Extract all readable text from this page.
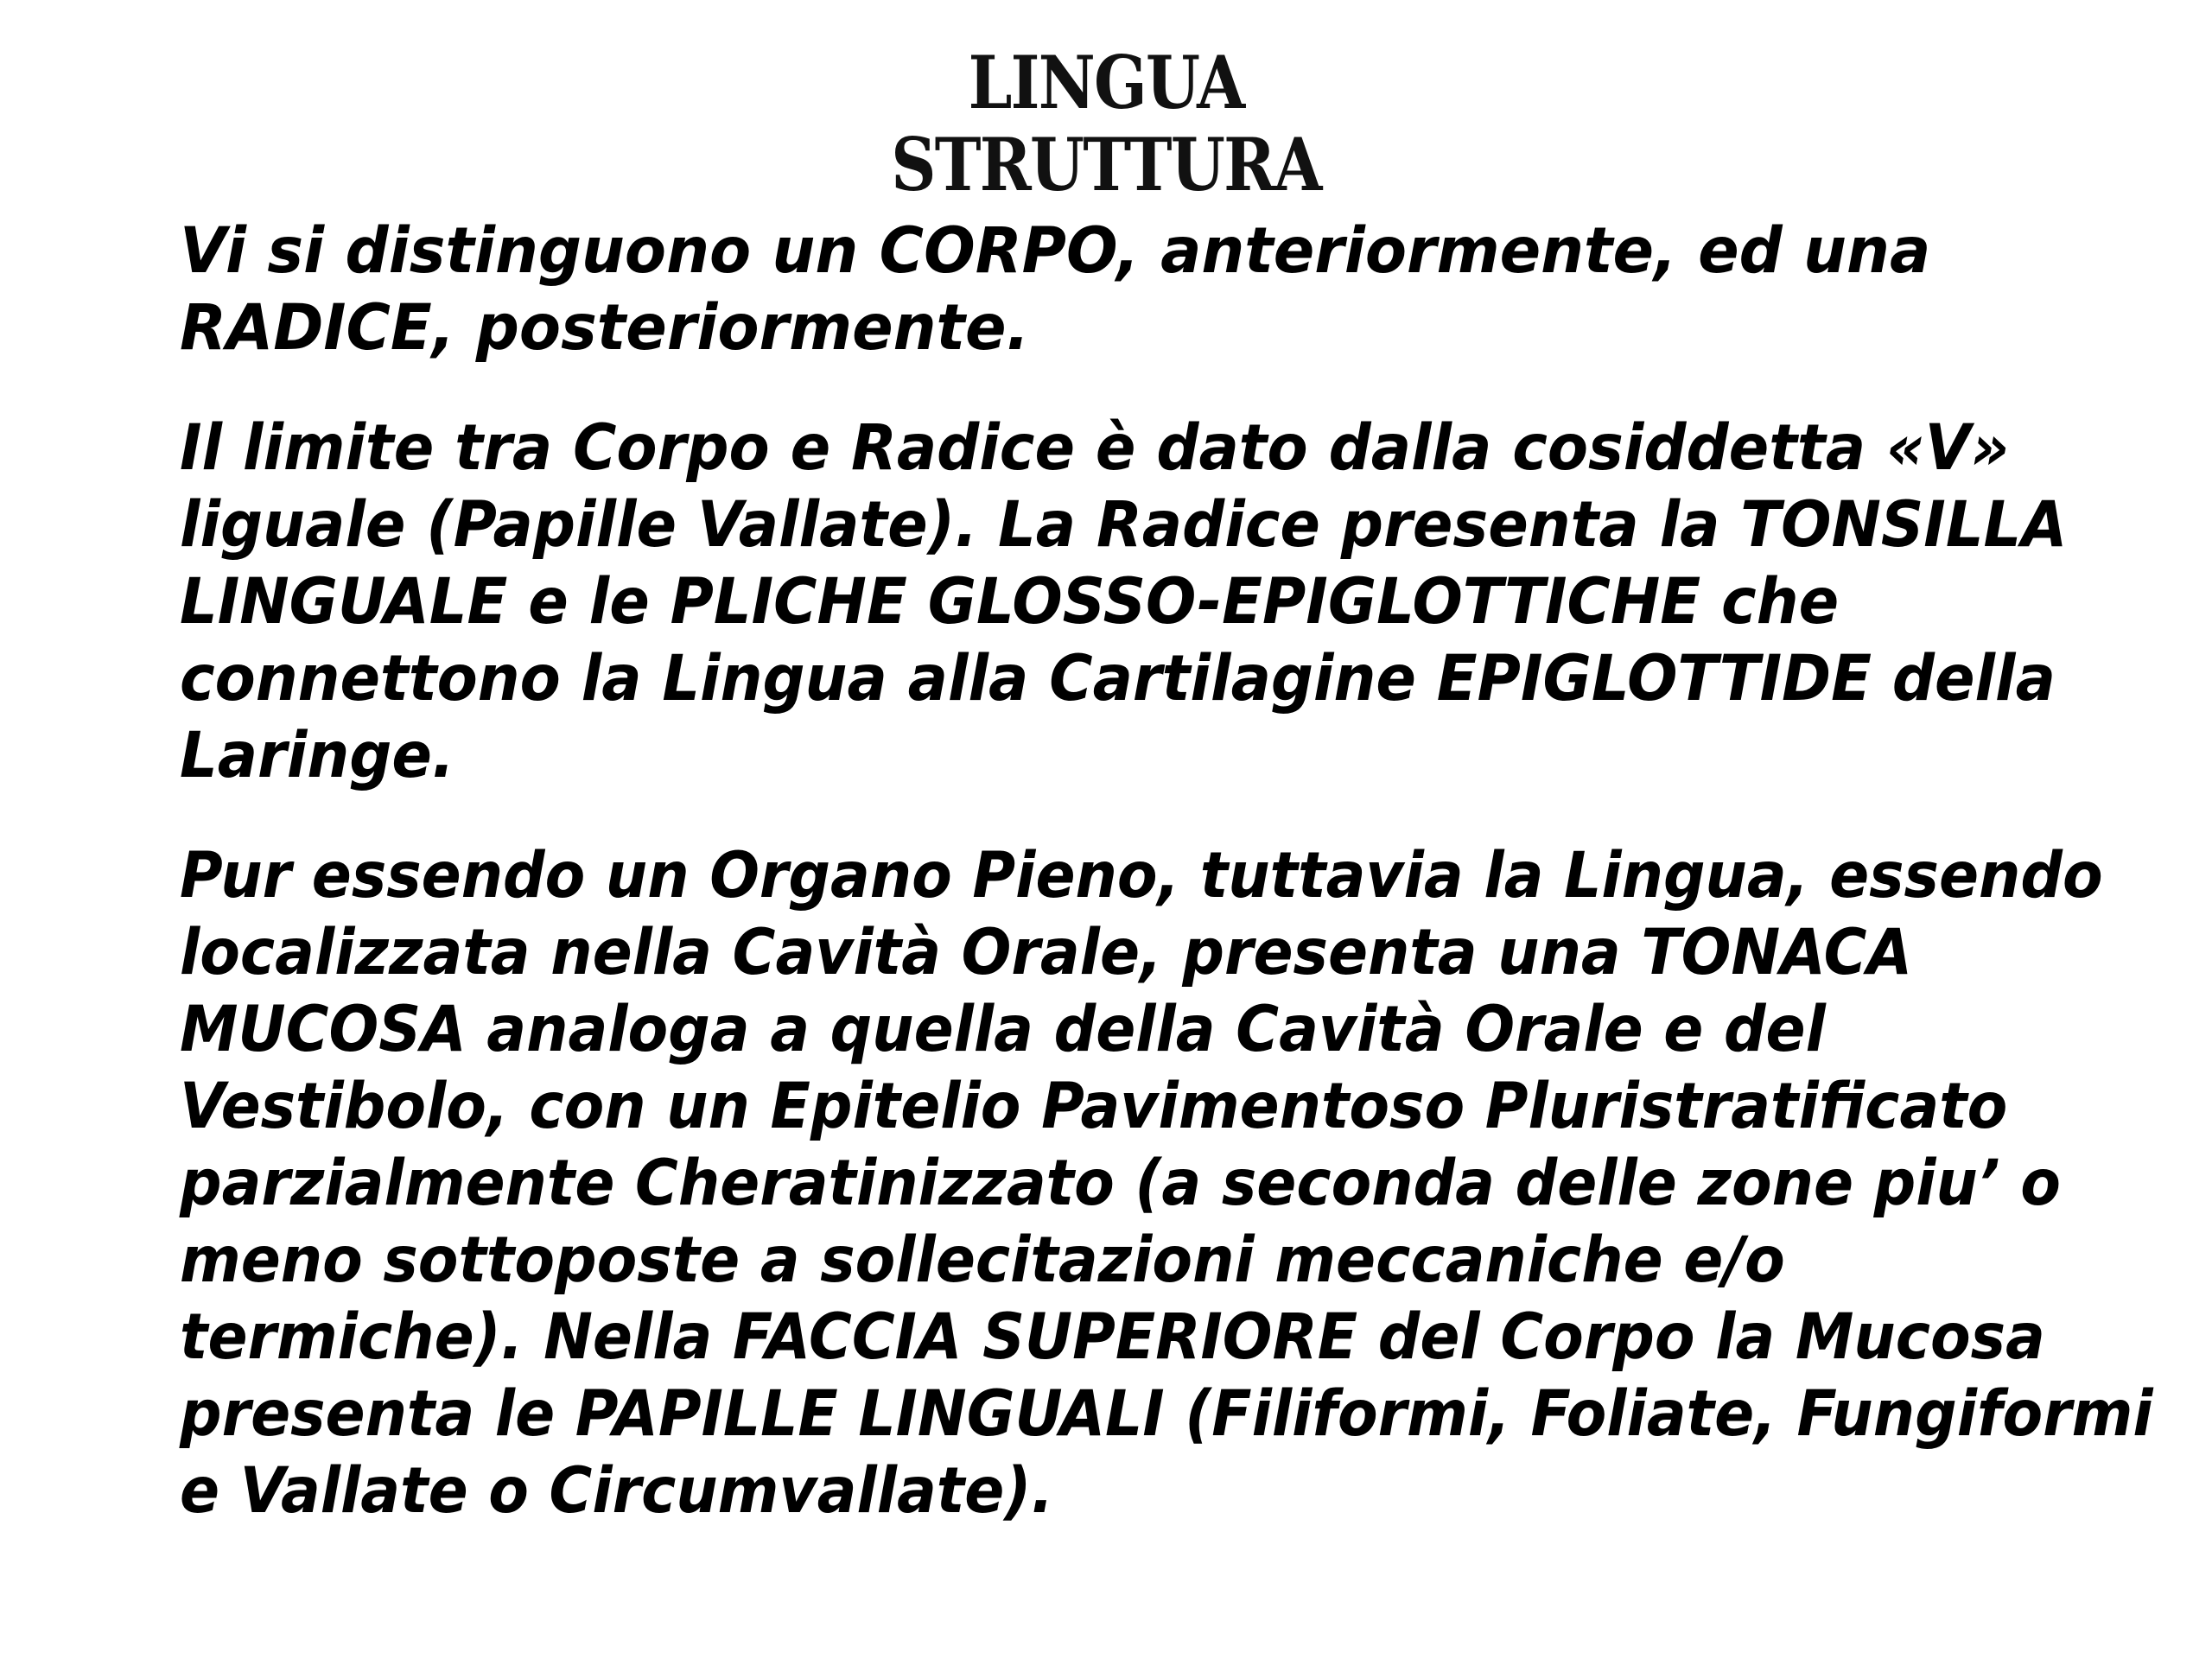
LINGUA
STRUTTURA

Vi si distinguono un CORPO, anteriormente, ed una
RADICE, posteriormente.

Il limite tra Corpo e Radice è dato dalla cosiddetta «V»
liguale (Papille Vallate). La Radice presenta la TONSILLA
LINGUALE e le PLICHE GLOSSO-EPIGLOTTICHE che
connettono la Lingua alla Cartilagine EPIGLOTTIDE della
Laringe.

Pur essendo un Organo Pieno, tuttavia la Lingua, essendo
localizzata nella Cavità Orale, presenta una TONACA
MUCOSA analoga a quella della Cavità Orale e del
Vestibolo, con un Epitelio Pavimentoso Pluristratificato
parzialmente Cheratinizzato (a seconda delle zone piu’ o
meno sottoposte a sollecitazioni meccaniche e/o
termiche). Nella FACCIA SUPERIORE del Corpo la Mucosa
presenta le PAPILLE LINGUALI (Filiformi, Foliate, Fungiformi
e Vallate o Circumvallate).
